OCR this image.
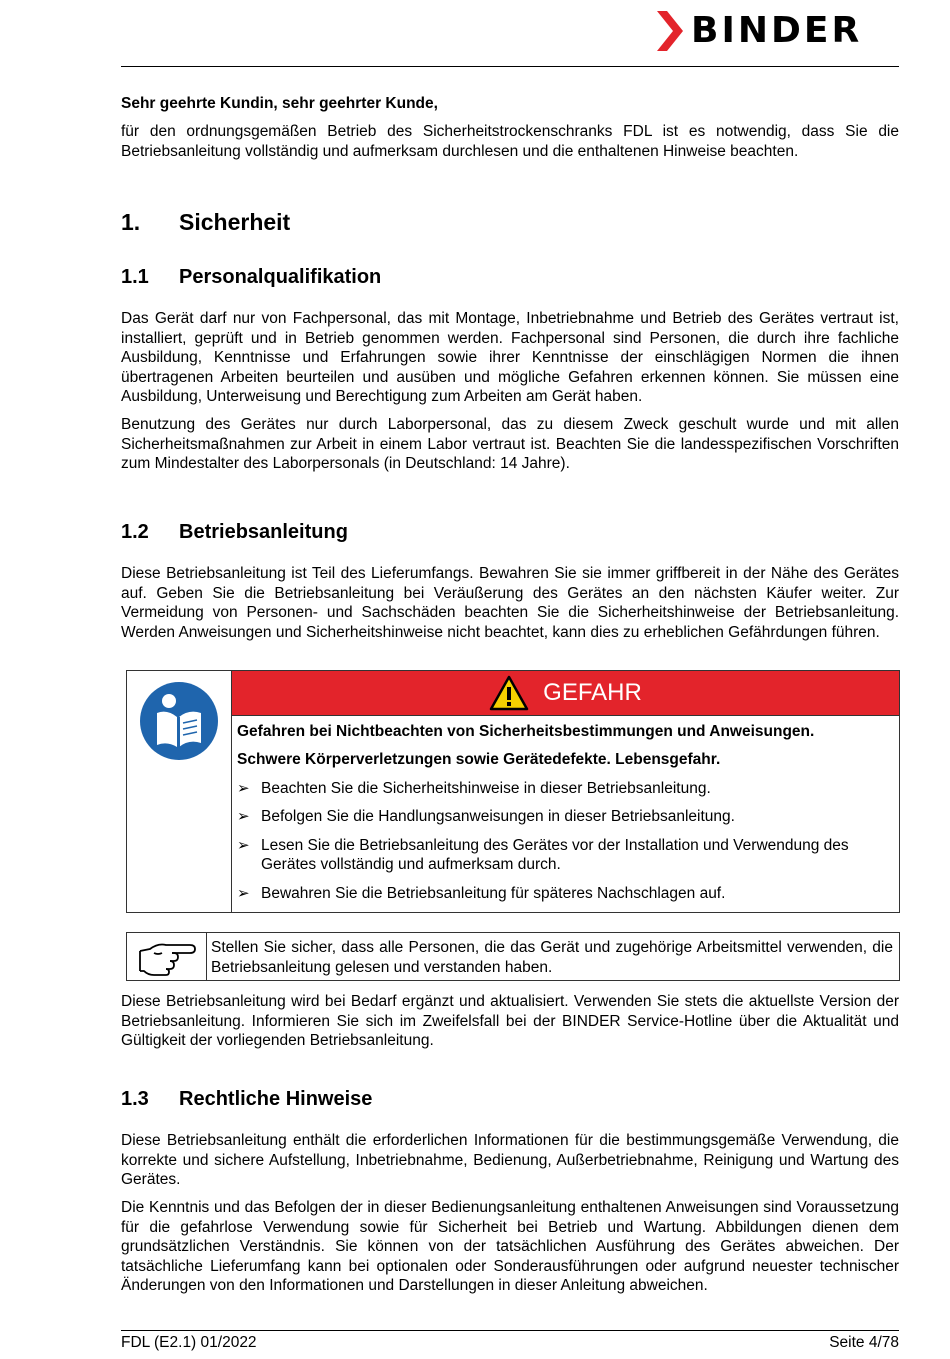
BINDER
Sehr geehrte Kundin, sehr geehrter Kunde,
für den ordnungsgemäßen Betrieb des Sicherheitstrockenschranks FDL ist es notwendig, dass Sie die Betriebsanleitung vollständig und aufmerksam durchlesen und die enthaltenen Hinweise beachten.
1.	Sicherheit
1.1	Personalqualifikation
Das Gerät darf nur von Fachpersonal, das mit Montage, Inbetriebnahme und Betrieb des Gerätes vertraut ist, installiert, geprüft und in Betrieb genommen werden. Fachpersonal sind Personen, die durch ihre fachliche Ausbildung, Kenntnisse und Erfahrungen sowie ihrer Kenntnisse der einschlägigen Normen die ihnen übertragenen Arbeiten beurteilen und ausüben und mögliche Gefahren erkennen können. Sie müssen eine Ausbildung, Unterweisung und Berechtigung zum Arbeiten am Gerät haben.
Benutzung des Gerätes nur durch Laborpersonal, das zu diesem Zweck geschult wurde und mit allen Sicherheitsmaßnahmen zur Arbeit in einem Labor vertraut ist. Beachten Sie die landesspezifischen Vorschriften zum Mindestalter des Laborpersonals (in Deutschland: 14 Jahre).
1.2	Betriebsanleitung
Diese Betriebsanleitung ist Teil des Lieferumfangs. Bewahren Sie sie immer griffbereit in der Nähe des Gerätes auf. Geben Sie die Betriebsanleitung bei Veräußerung des Gerätes an den nächsten Käufer weiter. Zur Vermeidung von Personen- und Sachschäden beachten Sie die Sicherheitshinweise der Betriebsanleitung. Werden Anweisungen und Sicherheitshinweise nicht beachtet, kann dies zu erheblichen Gefährdungen führen.
GEFAHR
Gefahren bei Nichtbeachten von Sicherheitsbestimmungen und Anweisungen.
Schwere Körperverletzungen sowie Gerätedefekte. Lebensgefahr.
➢ Beachten Sie die Sicherheitshinweise in dieser Betriebsanleitung.
➢ Befolgen Sie die Handlungsanweisungen in dieser Betriebsanleitung.
➢ Lesen Sie die Betriebsanleitung des Gerätes vor der Installation und Verwendung des Gerätes vollständig und aufmerksam durch.
➢ Bewahren Sie die Betriebsanleitung für späteres Nachschlagen auf.
Stellen Sie sicher, dass alle Personen, die das Gerät und zugehörige Arbeitsmittel verwenden, die Betriebsanleitung gelesen und verstanden haben.
Diese Betriebsanleitung wird bei Bedarf ergänzt und aktualisiert. Verwenden Sie stets die aktuellste Version der Betriebsanleitung. Informieren Sie sich im Zweifelsfall bei der BINDER Service-Hotline über die Aktualität und Gültigkeit der vorliegenden Betriebsanleitung.
1.3	Rechtliche Hinweise
Diese Betriebsanleitung enthält die erforderlichen Informationen für die bestimmungsgemäße Verwendung, die korrekte und sichere Aufstellung, Inbetriebnahme, Bedienung, Außerbetriebnahme, Reinigung und Wartung des Gerätes.
Die Kenntnis und das Befolgen der in dieser Bedienungsanleitung enthaltenen Anweisungen sind Voraussetzung für die gefahrlose Verwendung sowie für Sicherheit bei Betrieb und Wartung. Abbildungen dienen dem grundsätzlichen Verständnis. Sie können von der tatsächlichen Ausführung des Gerätes abweichen. Der tatsächliche Lieferumfang kann bei optionalen oder Sonderausführungen oder aufgrund neuester technischer Änderungen von den Informationen und Darstellungen in dieser Anleitung abweichen.
FDL (E2.1) 01/2022	Seite 4/78
